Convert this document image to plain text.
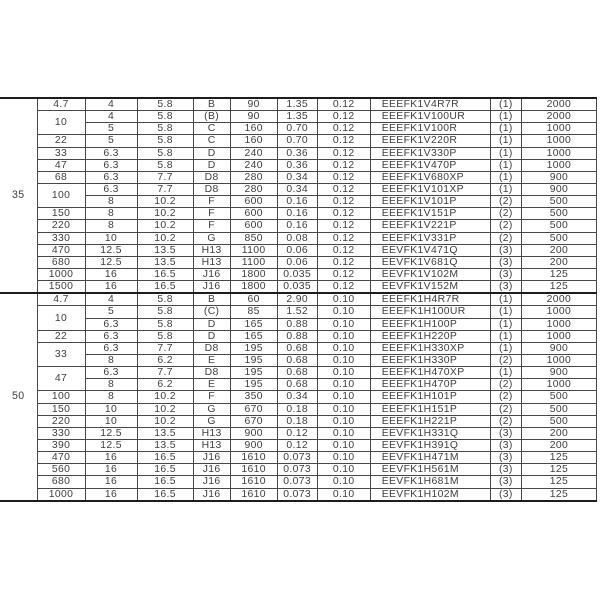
35	4.7	4	5.8	B	90	1.35	0.12	EEEFK1V4R7R	(1)	2000
	10	4	5.8	(B)	90	1.35	0.12	EEEFK1V100UR	(1)	2000
		5	5.8	C	160	0.70	0.12	EEEFK1V100R	(1)	1000
	22	5	5.8	C	160	0.70	0.12	EEEFK1V220R	(1)	1000
	33	6.3	5.8	D	240	0.36	0.12	EEEFK1V330P	(1)	1000
	47	6.3	5.8	D	240	0.36	0.12	EEEFK1V470P	(1)	1000
	68	6.3	7.7	D8	280	0.34	0.12	EEEFK1V680XP	(1)	900
	100	6.3	7.7	D8	280	0.34	0.12	EEEFK1V101XP	(1)	900
		8	10.2	F	600	0.16	0.12	EEEFK1V101P	(2)	500
	150	8	10.2	F	600	0.16	0.12	EEEFK1V151P	(2)	500
	220	8	10.2	F	600	0.16	0.12	EEEFK1V221P	(2)	500
	330	10	10.2	G	850	0.08	0.12	EEEFK1V331P	(2)	500
	470	12.5	13.5	H13	1100	0.06	0.12	EEVFK1V471Q	(3)	200
	680	12.5	13.5	H13	1100	0.06	0.12	EEVFK1V681Q	(3)	200
	1000	16	16.5	J16	1800	0.035	0.12	EEVFK1V102M	(3)	125
	1500	16	16.5	J16	1800	0.035	0.12	EEVFK1V152M	(3)	125
50	4.7	4	5.8	B	60	2.90	0.10	EEEFK1H4R7R	(1)	2000
	10	5	5.8	(C)	85	1.52	0.10	EEEFK1H100UR	(1)	1000
		6.3	5.8	D	165	0.88	0.10	EEEFK1H100P	(1)	1000
	22	6.3	5.8	D	165	0.88	0.10	EEEFK1H220P	(1)	1000
	33	6.3	7.7	D8	195	0.68	0.10	EEEFK1H330XP	(1)	900
		8	6.2	E	195	0.68	0.10	EEEFK1H330P	(2)	1000
	47	6.3	7.7	D8	195	0.68	0.10	EEEFK1H470XP	(1)	900
		8	6.2	E	195	0.68	0.10	EEEFK1H470P	(2)	1000
	100	8	10.2	F	350	0.34	0.10	EEEFK1H101P	(2)	500
	150	10	10.2	G	670	0.18	0.10	EEEFK1H151P	(2)	500
	220	10	10.2	G	670	0.18	0.10	EEEFK1H221P	(2)	500
	330	12.5	13.5	H13	900	0.12	0.10	EEVFK1H331Q	(3)	200
	390	12.5	13.5	H13	900	0.12	0.10	EEVFK1H391Q	(3)	200
	470	16	16.5	J16	1610	0.073	0.10	EEVFK1H471M	(3)	125
	560	16	16.5	J16	1610	0.073	0.10	EEVFK1H561M	(3)	125
	680	16	16.5	J16	1610	0.073	0.10	EEVFK1H681M	(3)	125
	1000	16	16.5	J16	1610	0.073	0.10	EEVFK1H102M	(3)	125
